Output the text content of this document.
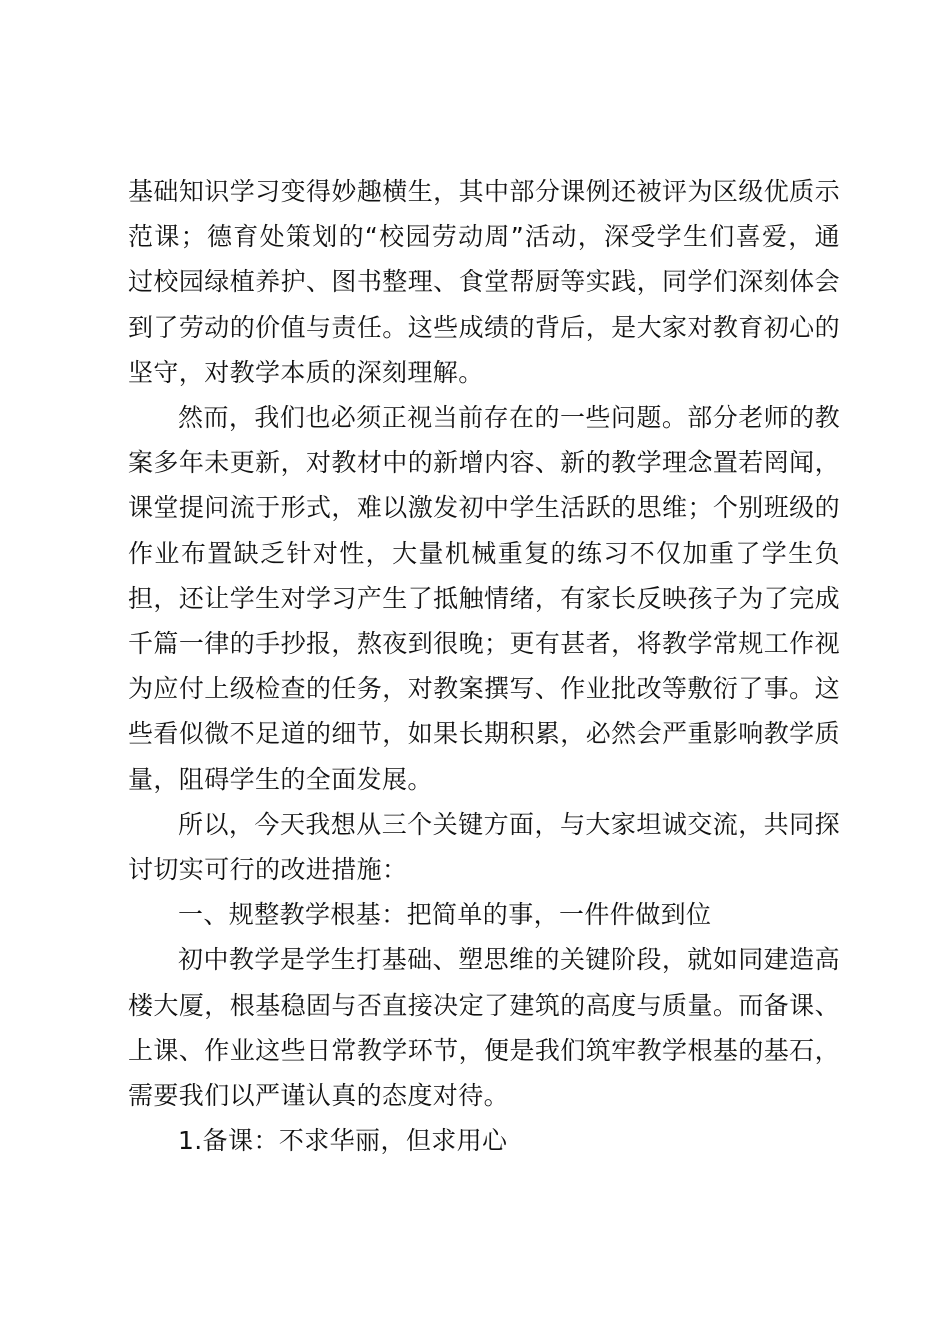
基础知识学习变得妙趣横生，其中部分课例还被评为区级优质示范课；德育处策划的“校园劳动周”活动，深受学生们喜爱，通过校园绿植养护、图书整理、食堂帮厨等实践，同学们深刻体会到了劳动的价值与责任。这些成绩的背后，是大家对教育初心的坚守，对教学本质的深刻理解。

然而，我们也必须正视当前存在的一些问题。部分老师的教案多年未更新，对教材中的新增内容、新的教学理念置若罔闻，课堂提问流于形式，难以激发初中学生活跃的思维；个别班级的作业布置缺乏针对性，大量机械重复的练习不仅加重了学生负担，还让学生对学习产生了抵触情绪，有家长反映孩子为了完成千篇一律的手抄报，熬夜到很晚；更有甚者，将教学常规工作视为应付上级检查的任务，对教案撰写、作业批改等敷衍了事。这些看似微不足道的细节，如果长期积累，必然会严重影响教学质量，阻碍学生的全面发展。

所以，今天我想从三个关键方面，与大家坦诚交流，共同探讨切实可行的改进措施：

一、规整教学根基：把简单的事，一件件做到位

初中教学是学生打基础、塑思维的关键阶段，就如同建造高楼大厦，根基稳固与否直接决定了建筑的高度与质量。而备课、上课、作业这些日常教学环节，便是我们筑牢教学根基的基石，需要我们以严谨认真的态度对待。

1.备课：不求华丽，但求用心
